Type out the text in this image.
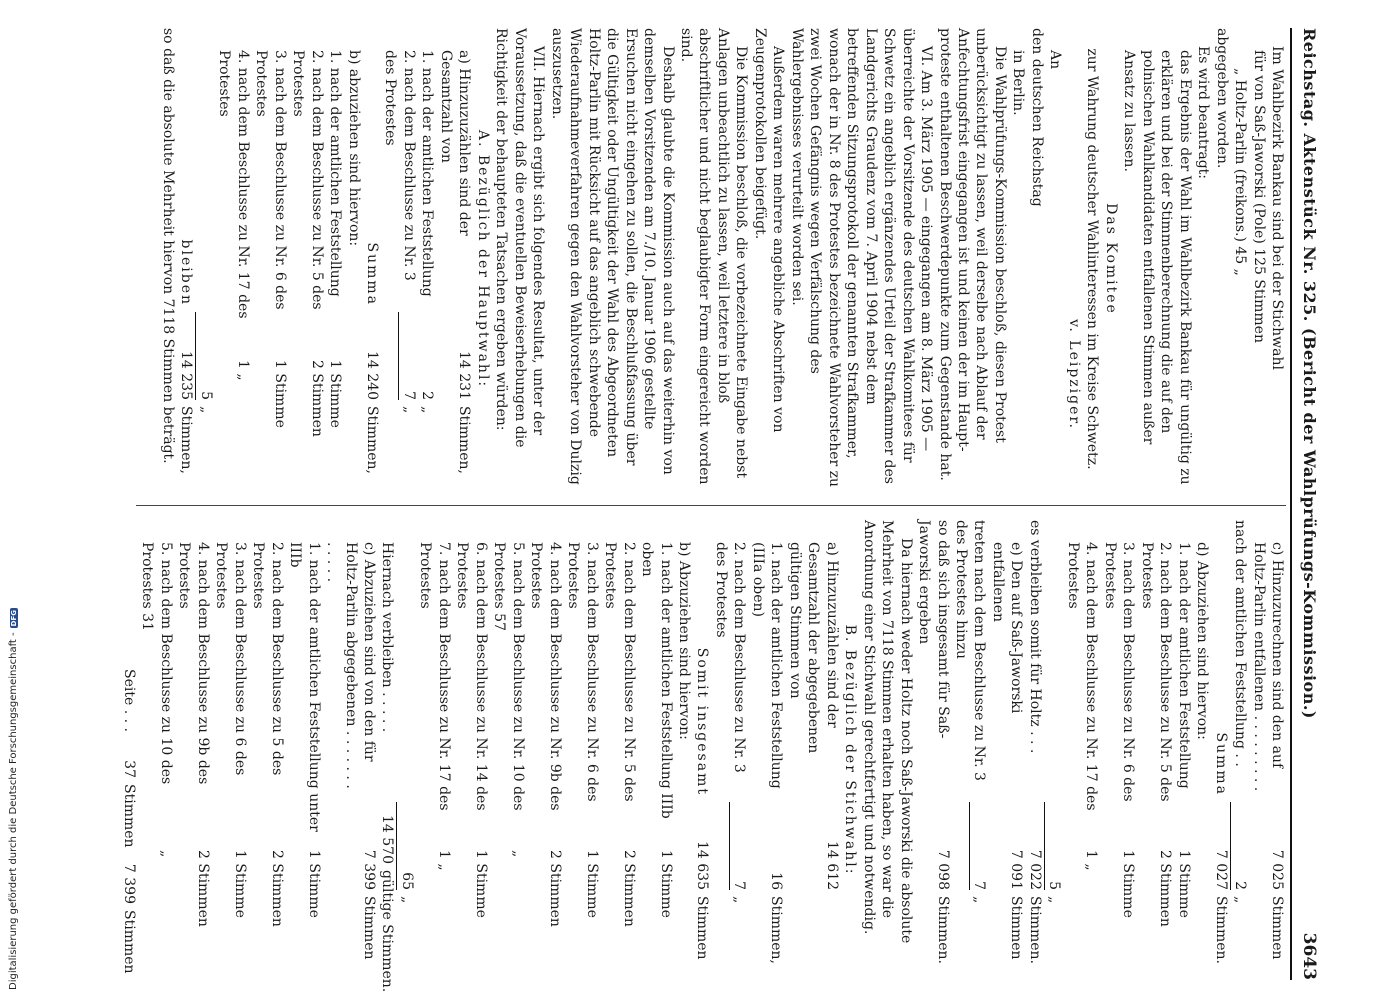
Digitalisierung gefördert durch die Deutsche Forschungsgemeinschaft -
DFG	Reichstag. Aktenstück Nr. 325. (Bericht der Wahlprüfungs-Kommission.)
3643

Im Wahlbezirk Bankau sind bei der Stichwahl

für von Saß-Jaworski (Pole) 125 Stimmen

„ Holtz-Parlin (freikons.) 45 „

abgegeben worden.

Es wird beantragt:

das Ergebnis der Wahl im Wahlbezirk Bankau für ungültig zu erklären und bei der Stimmenberechnung die auf den polnischen Wahlkandidaten entfallenen Stimmen außer Ansatz zu lassen.

Das Komitee

zur Wahrung deutscher Wahlinteressen im Kreise Schwetz.

v. Leipziger.

An

den deutschen Reichstag

in Berlin.

Die Wahlprüfungs-Kommission beschloß, diesen Protest unberücksichtigt zu lassen, weil derselbe nach Ablauf der Anfechtungsfrist eingegangen ist und keinen der im Hauptproteste enthaltenen Beschwerdepunkte zum Gegenstande hat.

VI. Am 3. März 1905 — eingegangen am 8. März 1905 — überreichte der Vorsitzende des deutschen Wahlkomitees für Schwetz ein angeblich ergänzendes Urteil der Strafkammer des Landgerichts Graudenz vom 7. April 1904 nebst dem betreffenden Sitzungsprotokoll der genannten Strafkammer, wonach der in Nr. 8 des Protestes bezeichnete Wahlvorsteher zu zwei Wochen Gefängnis wegen Verfälschung des Wahlergebnisses verurteilt worden sei.

Außerdem waren mehrere angebliche Abschriften von Zeugenprotokollen beigefügt.

Die Kommission beschloß, die vorbezeichnete Eingabe nebst Anlagen unbeachtlich zu lassen, weil letztere in bloß abschriftlicher und nicht beglaubigter Form eingereicht worden sind.

Deshalb glaubte die Kommission auch auf das weiterhin von demselben Vorsitzenden am 7./10. Januar 1906 gestellte Ersuchen nicht eingehen zu sollen, die Beschlußfassung über die Gültigkeit oder Ungültigkeit der Wahl des Abgeordneten Holtz-Parlin mit Rücksicht auf das angeblich schwebende Wiederaufnahmeverfahren gegen den Wahlvorsteher von Dulzig auszusetzen.

VII. Hiernach ergibt sich folgendes Resultat, unter der Voraussetzung, daß die eventuellen Beweiserhebungen die Richtigkeit der behaupteten Tatsachen ergeben würden:

A. Bezüglich der Hauptwahl:

a) Hinzuzuzählen sind der Gesamtzahl von
14 231
Stimmen,
1. nach der amtlichen Feststellung
2
„
2. nach dem Beschlusse zu Nr. 3 des Protestes
7
„
Summa
14 240
Stimmen,

b) abzuziehen sind hiervon:

1. nach der amtlichen Feststellung
1 Stimme
2. nach dem Beschlusse zu Nr. 5 des Protestes
2 Stimmen
3. nach dem Beschlusse zu Nr. 6 des Protestes
1 Stimme
4. nach dem Beschlusse zu Nr. 17 des Protestes
1 „
5
„
bleiben
14 235
Stimmen,

so daß die absolute Mehrheit hiervon 7118 Stimmen beträgt.

c) Hinzuzurechnen sind den auf Holtz-Parlin entfallenen . . . . . . . . .
7 025
Stimmen
nach der amtlichen Feststellung . .
2
„
Summa
7 027
Stimmen.

d) Abzuziehen sind hiervon:

1. nach der amtlichen Feststellung
1 Stimme
2. nach dem Beschlusse zu Nr. 5 des Protestes
2 Stimmen
3. nach dem Beschlusse zu Nr. 6 des Protestes
1 Stimme
4. nach dem Beschlusse zu Nr. 17 des Protestes
1 „
5
„
es verbleiben somit für Holtz . . .
7 022
Stimmen.
e) Den auf Saß-Jaworski entfallenen
7 091
Stimmen
treten nach dem Beschlusse zu Nr. 3 des Protestes hinzu
7
„
so daß sich insgesamt für Saß-Jaworski ergeben
7 098
Stimmen.

Da hiernach weder Holtz noch Saß-Jaworski die absolute Mehrheit von 7118 Stimmen erhalten haben, so war die Anordnung einer Stichwahl gerechtfertigt und notwendig.

B. Bezüglich der Stichwahl:

a) Hinzuzuzählen sind der Gesamtzahl der abgegebenen gültigen Stimmen von
14 612
1. nach der amtlichen Feststellung (IIIa oben)
16
Stimmen,
2. nach dem Beschlusse zu Nr. 3 des Protestes
7
„
Somit insgesamt
14 635
Stimmen

b) Abzuziehen sind hiervon:

1. nach der amtlichen Feststellung IIIb oben
1 Stimme
2. nach dem Beschlusse zu Nr. 5 des Protestes
2 Stimmen
3. nach dem Beschlusse zu Nr. 6 des Protestes
1 Stimme
4. nach dem Beschlusse zu Nr. 9b des Protestes
2 Stimmen
5. nach dem Beschlusse zu Nr. 10 des Protestes 57
„
6. nach dem Beschlusse zu Nr. 14 des Protestes
1 Stimme
7. nach dem Beschlusse zu Nr. 17 des Protestes
1 „
65
„
Hiernach verbleiben . . . . .
14 570
gültige Stimmen.
c) Abzuziehen sind von den für Holtz-Parlin abgegebenen . . . . . . . . . . . .
7 399
Stimmen
1. nach der amtlichen Feststellung unter IIIb
1 Stimme
2. nach dem Beschlusse zu 5 des Protestes
2 Stimmen
3. nach dem Beschlusse zu 6 des Protestes
1 Stimme
4. nach dem Beschlusse zu 9b des Protestes
2 Stimmen
5. nach dem Beschlusse zu 10 des Protestes 31
„
Seite . . .
37
Stimmen
7 399
Stimmen
